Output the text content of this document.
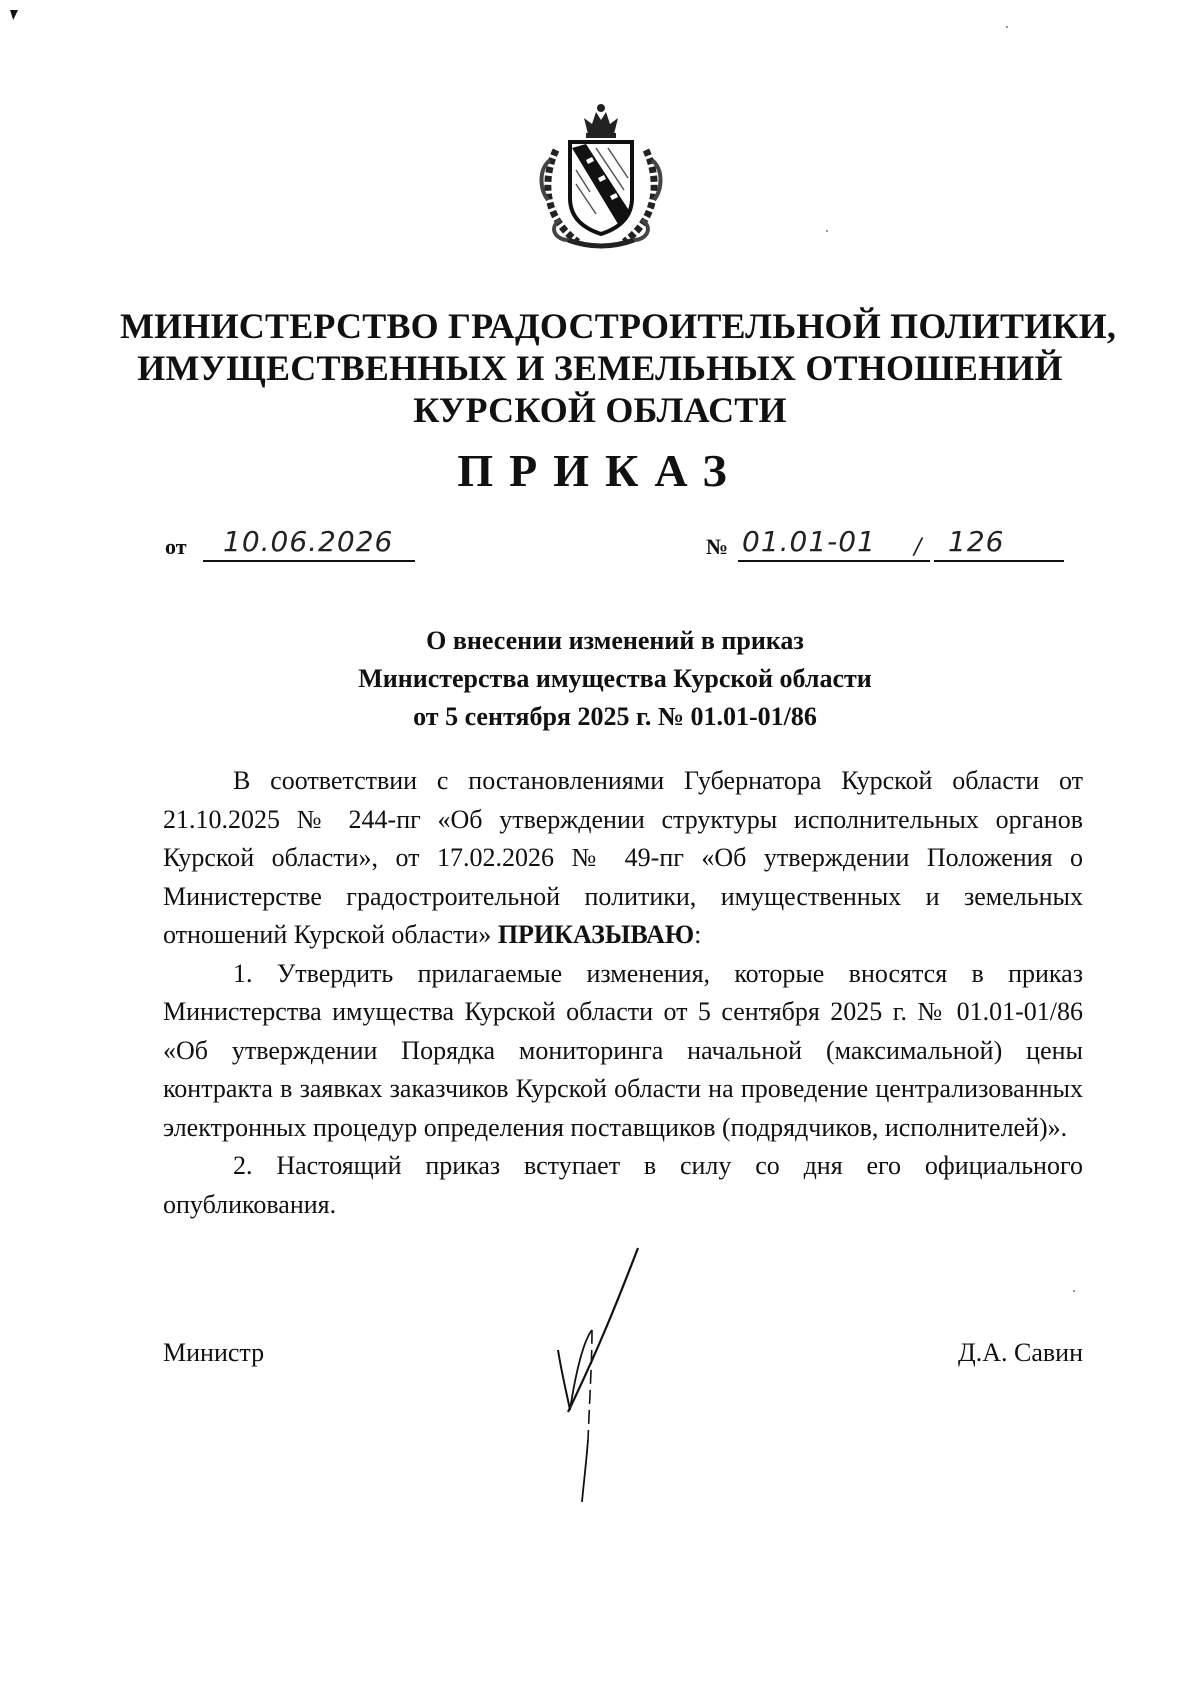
МИНИСТЕРСТВО ГРАДОСТРОИТЕЛЬНОЙ ПОЛИТИКИ,
ИМУЩЕСТВЕННЫХ И ЗЕМЕЛЬНЫХ ОТНОШЕНИЙ
КУРСКОЙ ОБЛАСТИ
ПРИКАЗ
от 10.06.2026	№ 01.01-01 / 126
О внесении изменений в приказ
Министерства имущества Курской области
от 5 сентября 2025 г. № 01.01-01/86

В соответствии с постановлениями Губернатора Курской области от 21.10.2025 № 244-пг «Об утверждении структуры исполнительных органов Курской области», от 17.02.2026 № 49-пг «Об утверждении Положения о Министерстве градостроительной политики, имущественных и земельных отношений Курской области» ПРИКАЗЫВАЮ:

1. Утвердить прилагаемые изменения, которые вносятся в приказ Министерства имущества Курской области от 5 сентября 2025 г. № 01.01-01/86 «Об утверждении Порядка мониторинга начальной (максимальной) цены контракта в заявках заказчиков Курской области на проведение централизованных электронных процедур определения поставщиков (подрядчиков, исполнителей)».

2. Настоящий приказ вступает в силу со дня его официального опубликования.

Министр	Д.А. Савин
